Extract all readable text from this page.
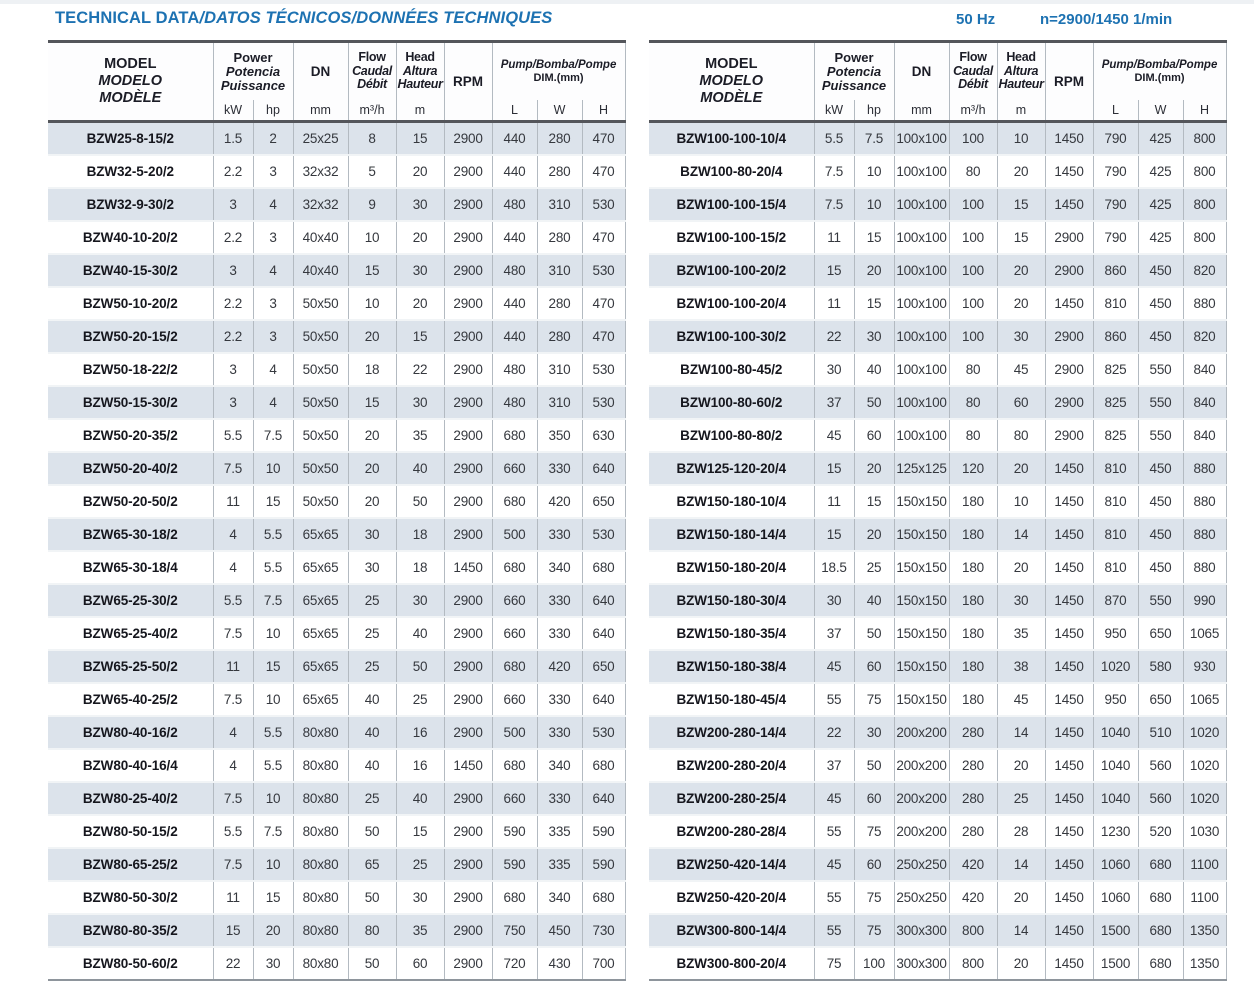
TECHNICAL DATA/DATOS TÉCNICOS/DONNÉES TECHNIQUES	50 Hz	n=2900/1450 1/min
MODEL
MODELO
MODÈLE	Power
Potencia
Puissance		DN	Flow
Caudal
Débit	Head
Altura
Hauteur	RPM	Pump/Bomba/Pompe
DIM.(mm)		

	kW	hp	mm	m³/h	m		L	W	H
BZW25-8-15/2	1.5	2	25x25	8	15	2900	440	280	470
BZW32-5-20/2	2.2	3	32x32	5	20	2900	440	280	470
BZW32-9-30/2	3	4	32x32	9	30	2900	480	310	530
BZW40-10-20/2	2.2	3	40x40	10	20	2900	440	280	470
BZW40-15-30/2	3	4	40x40	15	30	2900	480	310	530
BZW50-10-20/2	2.2	3	50x50	10	20	2900	440	280	470
BZW50-20-15/2	2.2	3	50x50	20	15	2900	440	280	470
BZW50-18-22/2	3	4	50x50	18	22	2900	480	310	530
BZW50-15-30/2	3	4	50x50	15	30	2900	480	310	530
BZW50-20-35/2	5.5	7.5	50x50	20	35	2900	680	350	630
BZW50-20-40/2	7.5	10	50x50	20	40	2900	660	330	640
BZW50-20-50/2	11	15	50x50	20	50	2900	680	420	650
BZW65-30-18/2	4	5.5	65x65	30	18	2900	500	330	530
BZW65-30-18/4	4	5.5	65x65	30	18	1450	680	340	680
BZW65-25-30/2	5.5	7.5	65x65	25	30	2900	660	330	640
BZW65-25-40/2	7.5	10	65x65	25	40	2900	660	330	640
BZW65-25-50/2	11	15	65x65	25	50	2900	680	420	650
BZW65-40-25/2	7.5	10	65x65	40	25	2900	660	330	640
BZW80-40-16/2	4	5.5	80x80	40	16	2900	500	330	530
BZW80-40-16/4	4	5.5	80x80	40	16	1450	680	340	680
BZW80-25-40/2	7.5	10	80x80	25	40	2900	660	330	640
BZW80-50-15/2	5.5	7.5	80x80	50	15	2900	590	335	590
BZW80-65-25/2	7.5	10	80x80	65	25	2900	590	335	590
BZW80-50-30/2	11	15	80x80	50	30	2900	680	340	680
BZW80-80-35/2	15	20	80x80	80	35	2900	750	450	730
BZW80-50-60/2	22	30	80x80	50	60	2900	720	430	700
MODEL
MODELO
MODÈLE	Power
Potencia
Puissance		DN	Flow
Caudal
Débit	Head
Altura
Hauteur	RPM	Pump/Bomba/Pompe
DIM.(mm)		

	kW	hp	mm	m³/h	m		L	W	H
BZW100-100-10/4	5.5	7.5	100x100	100	10	1450	790	425	800
BZW100-80-20/4	7.5	10	100x100	80	20	1450	790	425	800
BZW100-100-15/4	7.5	10	100x100	100	15	1450	790	425	800
BZW100-100-15/2	11	15	100x100	100	15	2900	790	425	800
BZW100-100-20/2	15	20	100x100	100	20	2900	860	450	820
BZW100-100-20/4	11	15	100x100	100	20	1450	810	450	880
BZW100-100-30/2	22	30	100x100	100	30	2900	860	450	820
BZW100-80-45/2	30	40	100x100	80	45	2900	825	550	840
BZW100-80-60/2	37	50	100x100	80	60	2900	825	550	840
BZW100-80-80/2	45	60	100x100	80	80	2900	825	550	840
BZW125-120-20/4	15	20	125x125	120	20	1450	810	450	880
BZW150-180-10/4	11	15	150x150	180	10	1450	810	450	880
BZW150-180-14/4	15	20	150x150	180	14	1450	810	450	880
BZW150-180-20/4	18.5	25	150x150	180	20	1450	810	450	880
BZW150-180-30/4	30	40	150x150	180	30	1450	870	550	990
BZW150-180-35/4	37	50	150x150	180	35	1450	950	650	1065
BZW150-180-38/4	45	60	150x150	180	38	1450	1020	580	930
BZW150-180-45/4	55	75	150x150	180	45	1450	950	650	1065
BZW200-280-14/4	22	30	200x200	280	14	1450	1040	510	1020
BZW200-280-20/4	37	50	200x200	280	20	1450	1040	560	1020
BZW200-280-25/4	45	60	200x200	280	25	1450	1040	560	1020
BZW200-280-28/4	55	75	200x200	280	28	1450	1230	520	1030
BZW250-420-14/4	45	60	250x250	420	14	1450	1060	680	1100
BZW250-420-20/4	55	75	250x250	420	20	1450	1060	680	1100
BZW300-800-14/4	55	75	300x300	800	14	1450	1500	680	1350
BZW300-800-20/4	75	100	300x300	800	20	1450	1500	680	1350
